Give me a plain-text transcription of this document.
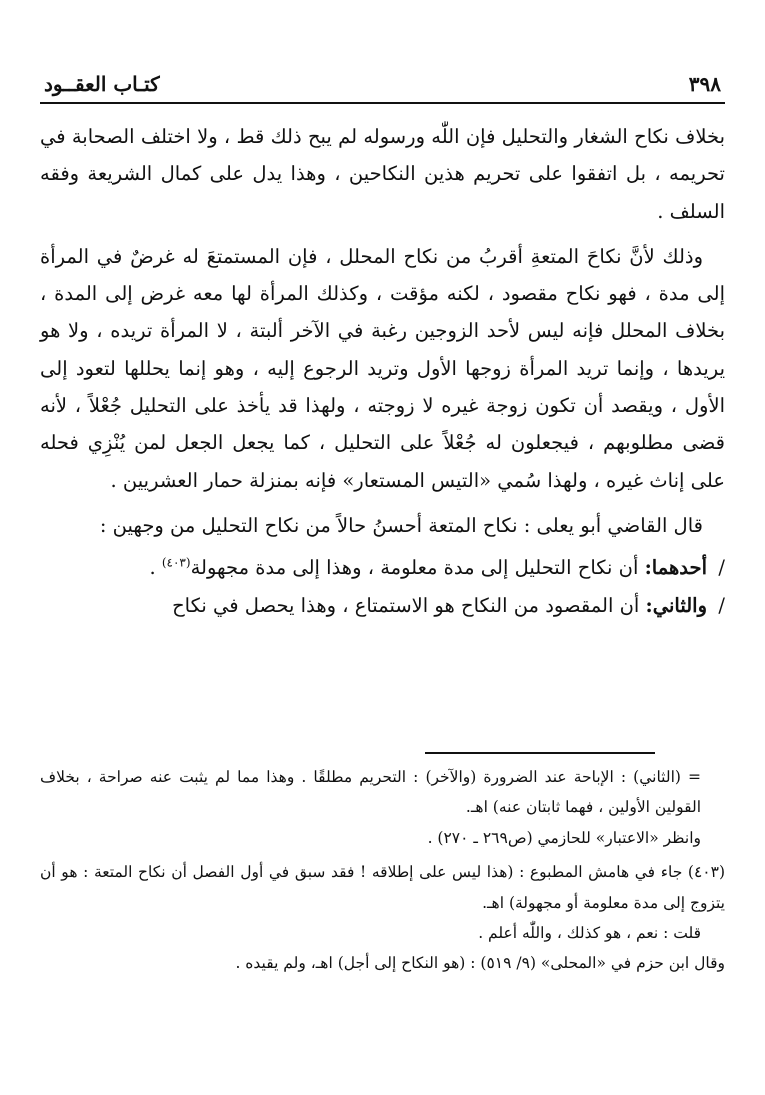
٣٩٨
كتـاب العقــود

بخلاف نكاح الشغار والتحليل فإن اللّٰه ورسوله لم يبح ذلك قط ، ولا اختلف الصحابة في تحريمه ، بل اتفقوا على تحريم هذين النكاحين ، وهذا يدل على كمال الشريعة وفقه السلف .

وذلك لأنَّ نكاحَ المتعةِ أقربُ من نكاح المحلل ، فإن المستمتعَ له غرضٌ في المرأة إلى مدة ، فهو نكاح مقصود ، لكنه مؤقت ، وكذلك المرأة لها معه غرض إلى المدة ، بخلاف المحلل فإنه ليس لأحد الزوجين رغبة في الآخر ألبتة ، لا المرأة تريده ، ولا هو يريدها ، وإنما تريد المرأة زوجها الأول وتريد الرجوع إليه ، وهو إنما يحللها لتعود إلى الأول ، ويقصد أن تكون زوجة غيره لا زوجته ، ولهذا قد يأخذ على التحليل جُعْلاً ، لأنه قضى مطلوبهم ، فيجعلون له جُعْلاً على التحليل ، كما يجعل الجعل لمن يُنْزِي فحله على إناث غيره ، ولهذا سُمي «التيس المستعار» فإنه بمنزلة حمار العشريين .

قال القاضي أبو يعلى : نكاح المتعة أحسنُ حالاً من نكاح التحليل من وجهين :

/
أحدهما: أن نكاح التحليل إلى مدة معلومة ، وهذا إلى مدة مجهولة$^{(٤٠٣)}$ .

/
والثاني: أن المقصود من النكاح هو الاستمتاع ، وهذا يحصل في نكاح

= (الثاني) : الإباحة عند الضرورة (والآخر) : التحريم مطلقًا . وهذا مما لم يثبت عنه صراحة ، بخلاف القولين الأولين ، فهما ثابتان عنه) اهـ.

وانظر «الاعتبار» للحازمي (ص٢٦٩ ـ ٢٧٠) .

(٤٠٣) جاء في هامش المطبوع : (هذا ليس على إطلاقه ! فقد سبق في أول الفصل أن نكاح المتعة : هو أن يتزوج إلى مدة معلومة أو مجهولة) اهـ.

قلت : نعم ، هو كذلك ، واللّٰه أعلم .

وقال ابن حزم في «المحلى» (٩/ ٥١٩) : (هو النكاح إلى أجل) اهـ، ولم يقيده .
